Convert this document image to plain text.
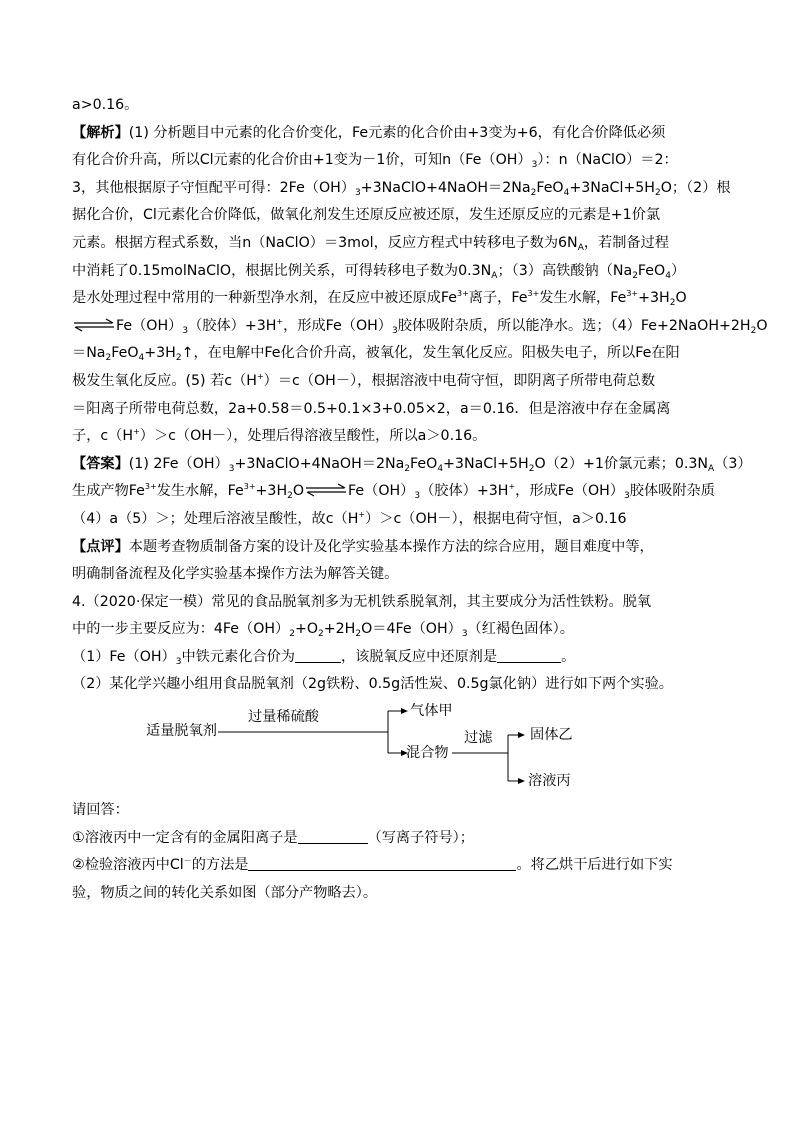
a>0.16。
【解析】(1) 分析题目中元素的化合价变化，Fe元素的化合价由+3变为+6，有化合价降低必须
有化合价升高，所以Cl元素的化合价由+1变为－1价，可知$n(Fe(OH)_3)$：n（NaClO）＝2：
3，其他根据原子守恒配平可得：$2Fe(OH)_3+3NaClO+4NaOH=2Na_2FeO_4+3NaCl+5H_2O$；（2）根
据化合价，Cl元素化合价降低，做氧化剂发生还原反应被还原，发生还原反应的元素是+1价氯
元素。根据方程式系数，当n（NaClO）＝3mol，反应方程式中转移电子数为$6N_A$，若制备过程
中消耗了0.15molNaClO，根据比例关系，可得转移电子数为$0.3N_A$；（3）高铁酸钠$(Na_2FeO_4)$
是水处理过程中常用的一种新型净水剂，在反应中被还原成$Fe^{3+}$离子，$Fe^{3+}$发生水解，$Fe^{3+}+3H_2O$
$\rightleftharpoons Fe(OH)_3$（胶体）+3H+，形成$Fe(OH)_3$胶体吸附杂质，所以能净水。选；$(4)Fe+2NaOH+2H_2O$
$=Na_2FeO_4+3H_2↑$，在电解中Fe化合价升高，被氧化，发生氧化反应。阳极失电子，所以Fe在阳
极发生氧化反应。(5) 若c（H+）＝c（OH－），根据溶液中电荷守恒，即阴离子所带电荷总数
＝阳离子所带电荷总数，2a+0.58＝0.5+0.1×3+0.05×2，a＝0.16．但是溶液中存在金属离
子，c（H+）＞c（OH－），处理后得溶液呈酸性，所以a＞0.16。
【答案】(1) $2Fe(OH)_3+3NaClO+4NaOH=2Na_2FeO_4+3NaCl+5H_2O(2)+1$价氯元素；$0.3N_A(3)$
生成产物$Fe^{3+}$发生水解，$Fe^{3+}+3H_2O\rightleftharpoons Fe(OH)_3$（胶体）+3H+，形成$Fe(OH)_3$胶体吸附杂质
（4）a（5）＞；处理后溶液呈酸性，故c（H+）＞c（OH－），根据电荷守恒，a＞0.16
【点评】本题考查物质制备方案的设计及化学实验基本操作方法的综合应用，题目难度中等，
明确制备流程及化学实验基本操作方法为解答关键。
4.（2020·保定一模）常见的食品脱氧剂多为无机铁系脱氧剂，其主要成分为活性铁粉。脱氧
中的一步主要反应为：$4Fe(OH)_2+O_2+2H_2O=4Fe(OH)_3$（红褐色固体）。
$(1)Fe(OH)_3$中铁元素化合价为	，该脱氧反应中还原剂是	。
（2）某化学兴趣小组用食品脱氧剂（2g铁粉、0.5g活性炭、0.5g氯化钠）进行如下两个实验。
适量脱氧剂
过量稀硫酸	气体甲
混合物
过滤	固体乙
溶液丙
请回答：
①溶液丙中一定含有的金属阳离子是	（写离子符号）；
②检验溶液丙中Cl－的方法是	。将乙烘干后进行如下实
验，物质之间的转化关系如图（部分产物略去）。
